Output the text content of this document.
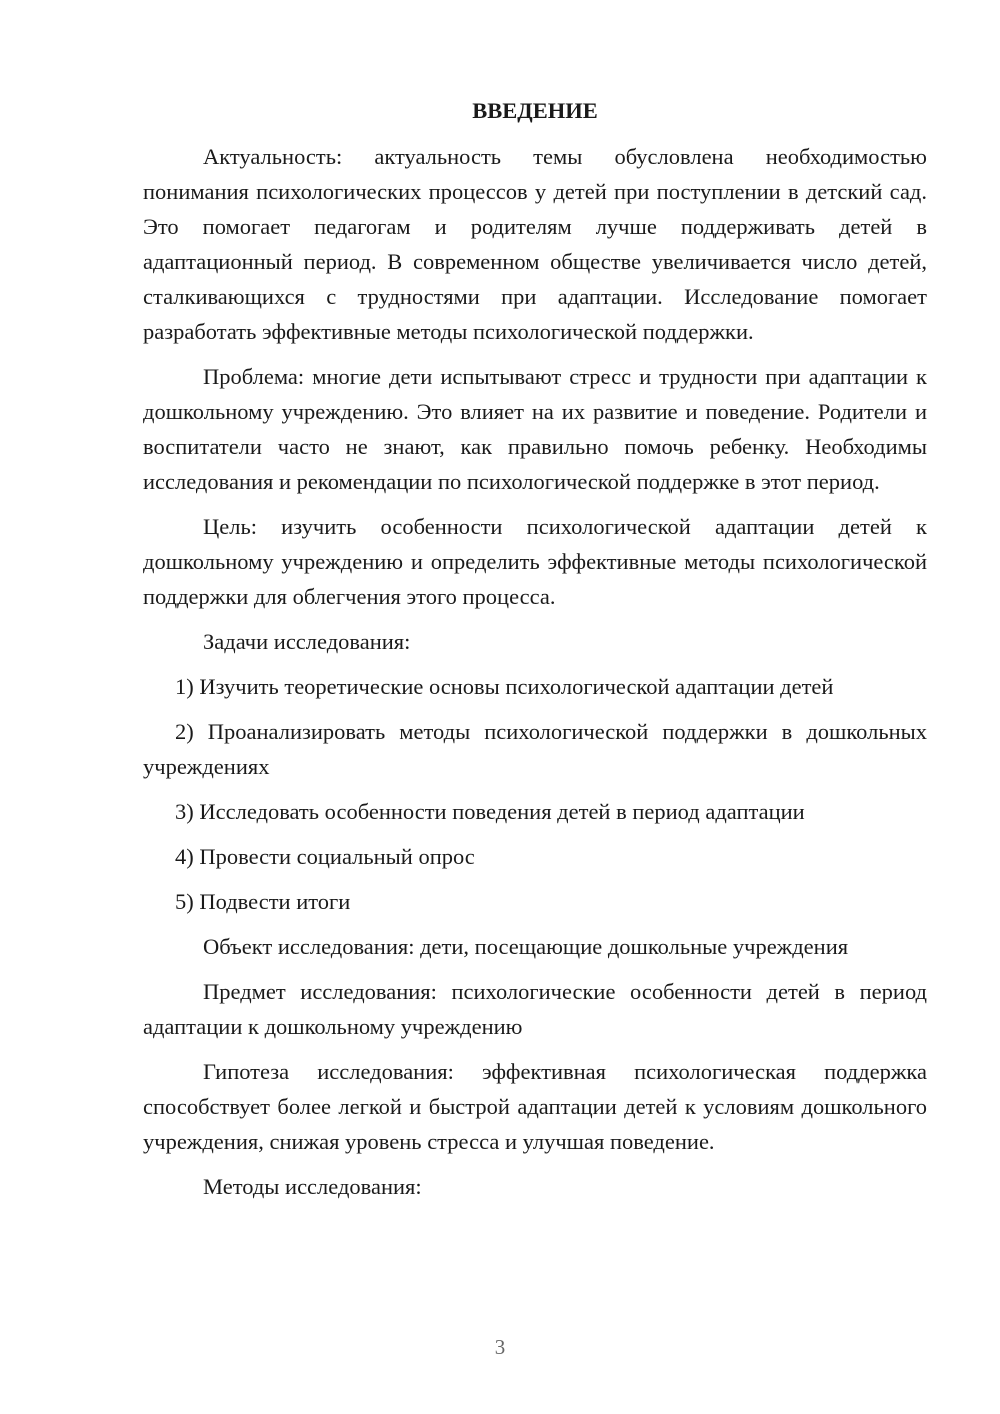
ВВЕДЕНИЕ

Актуальность: актуальность темы обусловлена необходимостью понимания психологических процессов у детей при поступлении в детский сад. Это помогает педагогам и родителям лучше поддерживать детей в адаптационный период. В современном обществе увеличивается число детей, сталкивающихся с трудностями при адаптации. Исследование помогает разработать эффективные методы психологической поддержки.

Проблема: многие дети испытывают стресс и трудности при адаптации к дошкольному учреждению. Это влияет на их развитие и поведение. Родители и воспитатели часто не знают, как правильно помочь ребенку. Необходимы исследования и рекомендации по психологической поддержке в этот период.

Цель: изучить особенности психологической адаптации детей к дошкольному учреждению и определить эффективные методы психологической поддержки для облегчения этого процесса.

Задачи исследования:

1) Изучить теоретические основы психологической адаптации детей

2) Проанализировать методы психологической поддержки в дошкольных учреждениях

3) Исследовать особенности поведения детей в период адаптации

4) Провести социальный опрос

5) Подвести итоги

Объект исследования: дети, посещающие дошкольные учреждения

Предмет исследования: психологические особенности детей в период адаптации к дошкольному учреждению

Гипотеза исследования: эффективная психологическая поддержка способствует более легкой и быстрой адаптации детей к условиям дошкольного учреждения, снижая уровень стресса и улучшая поведение.

Методы исследования:

3
